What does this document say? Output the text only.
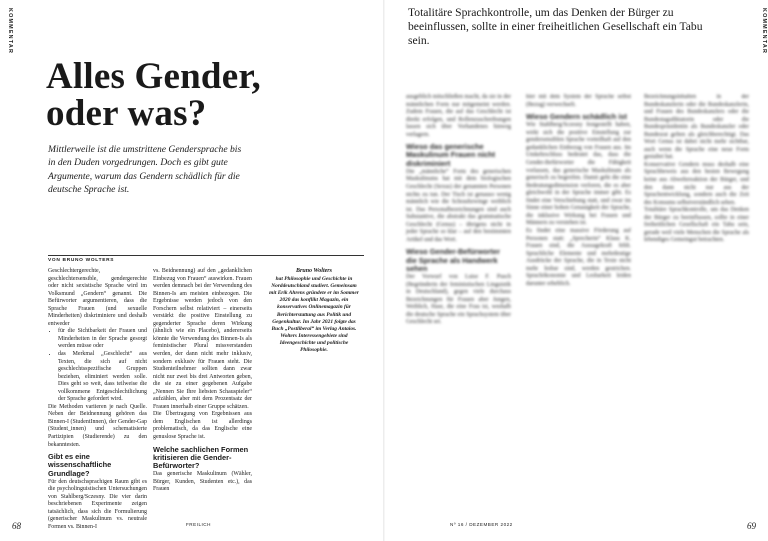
KOMMENTAR
Alles Gender,
oder was?

Mittlerweile ist die umstrittene Gendersprache bis in den Duden vorgedrungen. Doch es gibt gute Argumente, warum das Gendern schädlich für die deutsche Sprache ist.

VON BRUNO WOLTERS

Geschlechtergerechte, geschlechtersensible, gendergerechte oder nicht sexistische Sprache wird im Volksmund „Gendern“ genannt. Die Befürworter argumentieren, dass die Sprache Frauen (und sexuelle Minderheiten) diskriminiere und deshalb entweder

• für die Sichtbarkeit der Frauen und Minderheiten in der Sprache gesorgt werden müsse oder
• das Merkmal „Geschlecht“ aus Texten, die sich auf nicht geschlechtsspezifische Gruppen beziehen, eliminiert werden solle. Dies geht so weit, dass teilweise die vollkommene Entgeschlechtlichung der Sprache gefordert wird.

Die Methoden variieren je nach Quelle. Neben der Beidnennung gehören das Binnen-I (StudentInnen), der Gender-Gap (Student_innen) und schematisierte Partizipien (Studierende) zu den bekanntesten.

Gibt es eine wissenschaftliche Grundlage?

Für den deutschsprachigen Raum gibt es die psycholinguistischen Untersuchungen von Stahlberg/Sczesny. Die vier darin beschriebenen Experimente zeigen tatsächlich, dass sich die Formulierung (generischer Maskulinum vs. neutrale Formen vs. Binnen-I

vs. Beidnennung) auf den „gedanklichen Einbezug von Frauen“ auswirken. Frauen werden demnach bei der Verwendung des Binnen-Is am meisten einbezogen. Die Ergebnisse werden jedoch von den Forschern selbst relativiert – einerseits verstärkt die positive Einstellung zu gegenderter Sprache deren Wirkung (ähnlich wie ein Placebo), andererseits könnte die Verwendung des Binnen-Is als feministischer Plural missverstanden werden, der dann nicht mehr inklusiv, sondern exklusiv für Frauen steht. Die Studienteilnehmer sollten dann zwar nicht nur zwei bis drei Antworten geben, die sie zu einer gegebenen Aufgabe „Nennen Sie Ihre liebsten Schauspieler“ aufzählen, aber mit dem Prozentsatz der Frauen innerhalb einer Gruppe schätzen.

Die Übertragung von Ergebnissen aus dem Englischen ist allerdings problematisch, da das Englische eine genuslose Sprache ist.

Welche sachlichen Formen kritisieren die Gender-Befürworter?

Das generische Maskulinum (Wähler, Bürger, Kunden, Studenten etc.), das Frauen

Bruno Wolters
hat Philosophie und Geschichte in Norddeutschland studiert. Gemeinsam mit Erik Ahrens gründete er im Sommer 2020 das konflikt Magazin, ein konservatives Onlinemagazin für Berichterstattung aus Politik und Gegenkultur. Im Jahr 2021 folgte das Buch „Postliberal“ im Verlag Antaios. Wolters Interessengebiete sind Ideengeschichte und politische Philosophie.
68	FREILICH

Totalitäre Sprachkontrolle, um das Denken der Bürger zu beeinflussen, sollte in einer freiheitlichen Gesellschaft ein Tabu sein.	KOMMENTAR

ausgeblich mitschließen macht, da sie in der männlichen Form nur mitgemeint werden. Zudem Frauen, die auf das Geschlecht ist direkt erfolgen, und Rollenzuschreibungen lassen sich über Vorhandenes hinweg verlagern.

Wieso das generische Maskulinum Frauen nicht diskriminiert

Die „männliche“ Form des generischen Maskulinums hat mit dem biologischen Geschlecht (Sexus) der genannten Personen nichts zu tun. Der Tisch ist genauso wenig männlich wie die Schraubzwinge weiblich ist. Das Personalbezeichnungen sind auch Substantive, die abstrakt das grammatische Geschlecht (Genus) – übrigens nicht in jeder Sprache so klar – auf den bestimmten Artikel und das Wort.

Wieso Gender-Befürworter die Sprache als Handwerk sehen

Der Vorwurf von Luise F. Pusch (Begründerin der feministischen Linguistik in Deutschland), gegen viele durchaus Bezeichnungen für Frauen aber Jungen, Weiblich, Hase, die eine Frau ist, weshalb die deutsche Sprache ein Sprachsystem über Geschlecht sei.

hier mit dem System der Sprache selbst (Bezug) verwechselt.

Wieso Gendern schädlich ist

Wie Stahlberg/Sczesny festgestellt haben, wirkt sich die positive Einstellung zur gendersensiblen Sprache vorteilhaft auf den gedanklichen Einbezug von Frauen aus. Im Umkehrschluss bedeutet das, dass die Gender-Befürworter die Fähigkeit vorlassen, das generische Maskulinum als generisch zu begreifen. Damit geht die eine Bedeutungsdimension verloren, die es aber gleichwohl in der Sprache immer gibt. Es findet eine Verschiebung statt, und zwar im Sinne einer hohen Genauigkeit der Sprache, die inklusive Wirkung bei Frauen und Männern zu verstehen ist.

Es findet eine massive Förderung auf Personen statt: „Sprecherin“ Klaus K. Frauen sind, die Aussagekraft fehlt. Sprachliche Elemente und mehrdeutige Ausdrücke der Sprache, die in Texte nicht mehr lesbar sind, werden gestrichen. Sprachökonomie und Lesbarkeit leiden darunter erheblich.

Bezeichnungsinhalten in der Bundeskanzlerin oder die Bundeskanzlerin, und Frauen des Bundeskanzlers oder die Bundestagsdiktatorin oder die Bundespräsidentin als Bundeskanzler oder Bundesrat gelten als gleichberechtigt. Das Wort Genus ist dabei nicht mehr sichtbar, auch wenn die Sprache eine neue Form gestaltet hat.

Konservative Gendern muss deshalb eine Sprachbeweis aus den besten Bewegung keine aus Abwehrreaktion der Bürger, und den dann nicht nur aus der Sprachentwicklung, sondern auch die Zeit des Konsums selbstverständlich sehen.

Totalitäre Sprachkontrolle, um das Denken der Bürger zu beeinflussen, sollte in einer freiheitlichen Gesellschaft ein Tabu sein, gerade weil viele Menschen die Sprache als lebendiges Gemeingut betrachten.

Nº 16 / DEZEMBER 2022	69
